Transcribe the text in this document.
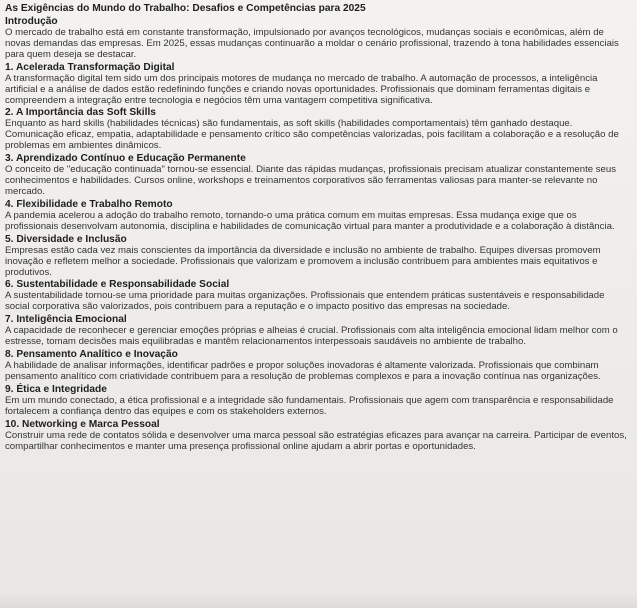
As Exigências do Mundo do Trabalho: Desafios e Competências para 2025
Introdução

O mercado de trabalho está em constante transformação, impulsionado por avanços tecnológicos, mudanças sociais e econômicas, além de novas demandas das empresas. Em 2025, essas mudanças continuarão a moldar o cenário profissional, trazendo à tona habilidades essenciais para quem deseja se destacar.

1. Acelerada Transformação Digital

A transformação digital tem sido um dos principais motores de mudança no mercado de trabalho. A automação de processos, a inteligência artificial e a análise de dados estão redefinindo funções e criando novas oportunidades. Profissionais que dominam ferramentas digitais e compreendem a integração entre tecnologia e negócios têm uma vantagem competitiva significativa.

2. A Importância das Soft Skills

Enquanto as hard skills (habilidades técnicas) são fundamentais, as soft skills (habilidades comportamentais) têm ganhado destaque. Comunicação eficaz, empatia, adaptabilidade e pensamento crítico são competências valorizadas, pois facilitam a colaboração e a resolução de problemas em ambientes dinâmicos.

3. Aprendizado Contínuo e Educação Permanente

O conceito de "educação continuada" tornou-se essencial. Diante das rápidas mudanças, profissionais precisam atualizar constantemente seus conhecimentos e habilidades. Cursos online, workshops e treinamentos corporativos são ferramentas valiosas para manter-se relevante no mercado.

4. Flexibilidade e Trabalho Remoto

A pandemia acelerou a adoção do trabalho remoto, tornando-o uma prática comum em muitas empresas. Essa mudança exige que os profissionais desenvolvam autonomia, disciplina e habilidades de comunicação virtual para manter a produtividade e a colaboração à distância.

5. Diversidade e Inclusão

Empresas estão cada vez mais conscientes da importância da diversidade e inclusão no ambiente de trabalho. Equipes diversas promovem inovação e refletem melhor a sociedade. Profissionais que valorizam e promovem a inclusão contribuem para ambientes mais equitativos e produtivos.

6. Sustentabilidade e Responsabilidade Social

A sustentabilidade tornou-se uma prioridade para muitas organizações. Profissionais que entendem práticas sustentáveis e responsabilidade social corporativa são valorizados, pois contribuem para a reputação e o impacto positivo das empresas na sociedade.

7. Inteligência Emocional

A capacidade de reconhecer e gerenciar emoções próprias e alheias é crucial. Profissionais com alta inteligência emocional lidam melhor com o estresse, tomam decisões mais equilibradas e mantêm relacionamentos interpessoais saudáveis no ambiente de trabalho.

8. Pensamento Analítico e Inovação

A habilidade de analisar informações, identificar padrões e propor soluções inovadoras é altamente valorizada. Profissionais que combinam pensamento analítico com criatividade contribuem para a resolução de problemas complexos e para a inovação contínua nas organizações.

9. Ética e Integridade

Em um mundo conectado, a ética profissional e a integridade são fundamentais. Profissionais que agem com transparência e responsabilidade fortalecem a confiança dentro das equipes e com os stakeholders externos.

10. Networking e Marca Pessoal

Construir uma rede de contatos sólida e desenvolver uma marca pessoal são estratégias eficazes para avançar na carreira. Participar de eventos, compartilhar conhecimentos e manter uma presença profissional online ajudam a abrir portas e oportunidades.
